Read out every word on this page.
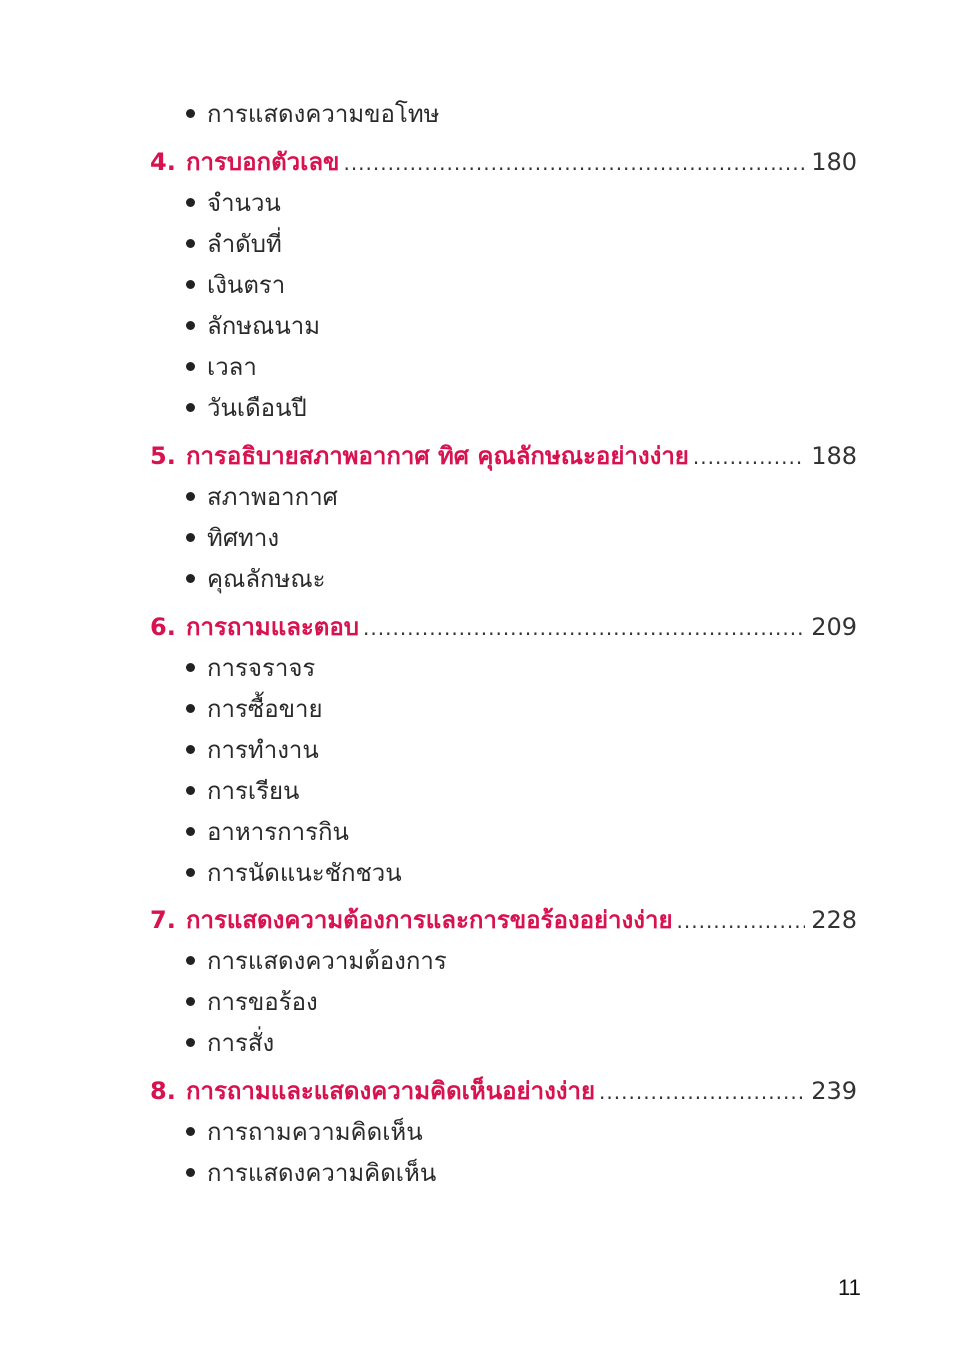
การแสดงความขอโทษ
4. การบอกตัวเลข .....	180
จำนวน
ลำดับที่
เงินตรา
ลักษณนาม
เวลา
วันเดือนปี
5. การอธิบายสภาพอากาศ ทิศ คุณลักษณะอย่างง่าย .....	188
สภาพอากาศ
ทิศทาง
คุณลักษณะ
6. การถามและตอบ .....	209
การจราจร
การซื้อขาย
การทำงาน
การเรียน
อาหารการกิน
การนัดแนะชักชวน
7. การแสดงความต้องการและการขอร้องอย่างง่าย .....	228
การแสดงความต้องการ
การขอร้อง
การสั่ง
8. การถามและแสดงความคิดเห็นอย่างง่าย .....	239
การถามความคิดเห็น
การแสดงความคิดเห็น
11
